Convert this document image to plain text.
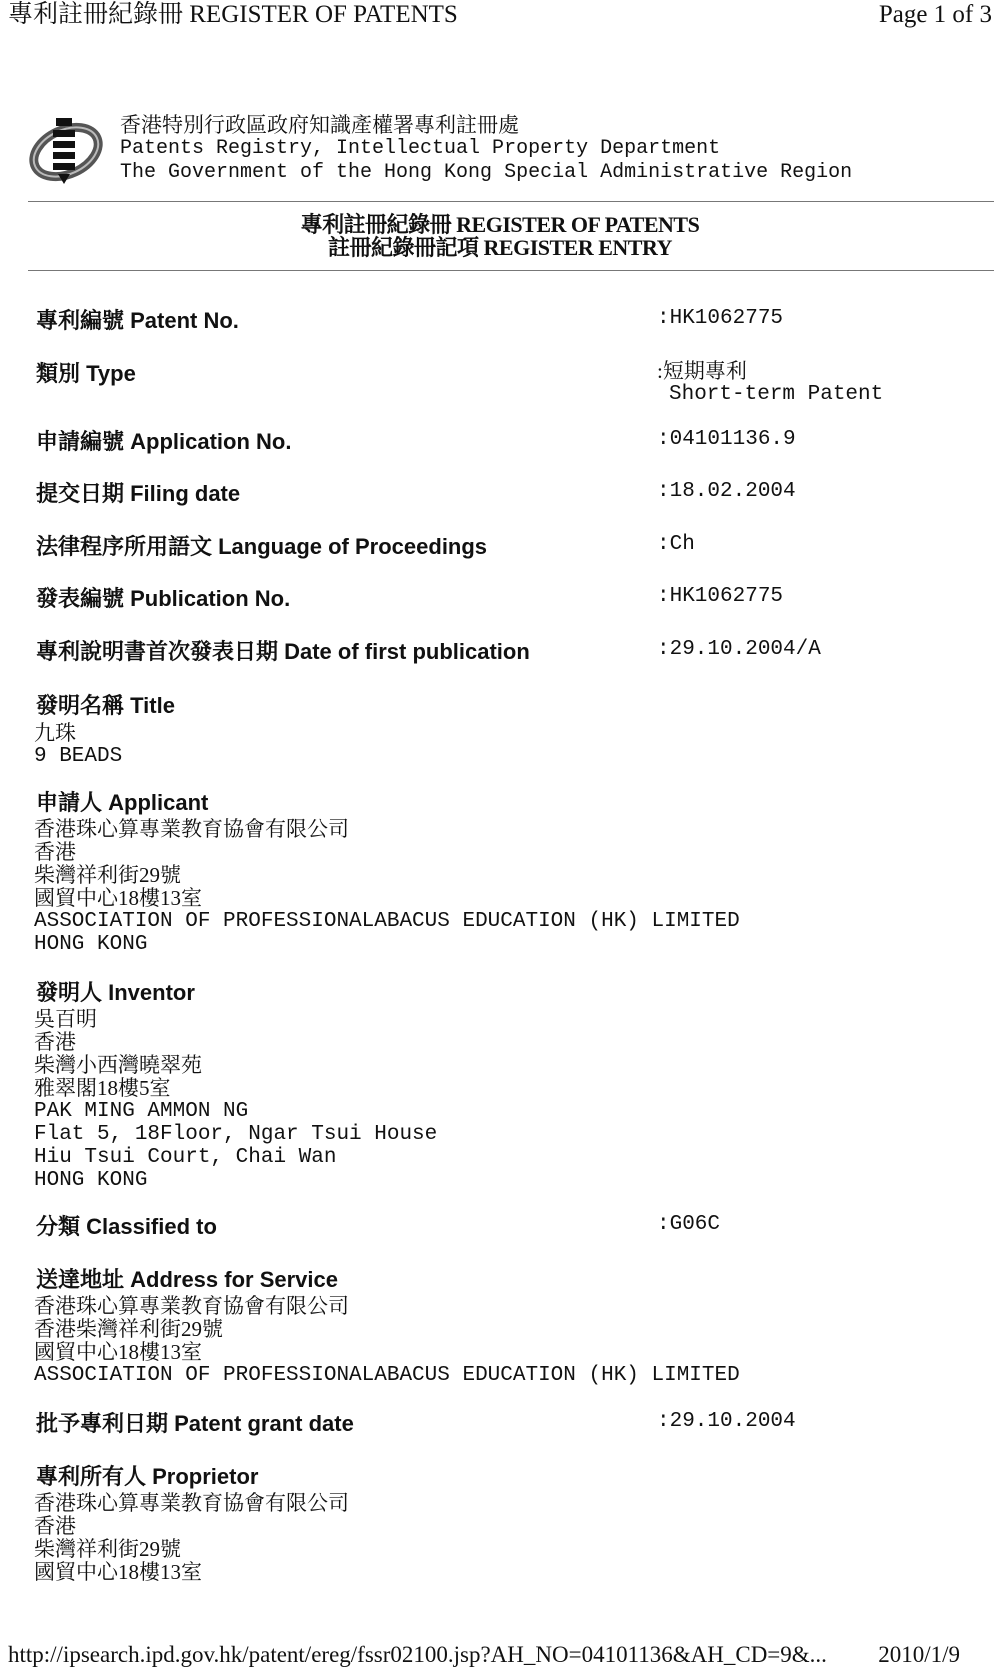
專利註冊紀錄冊 REGISTER OF PATENTS	Page 1 of 3
香港特別行政區政府知識產權署專利註冊處
Patents Registry, Intellectual Property Department
The Government of the Hong Kong Special Administrative Region
專利註冊紀錄冊 REGISTER OF PATENTS
註冊紀錄冊記項 REGISTER ENTRY
專利編號 Patent No.	:HK1062775
類別 Type	:短期專利
Short-term Patent
申請編號 Application No.	:04101136.9
提交日期 Filing date	:18.02.2004
法律程序所用語文 Language of Proceedings	:Ch
發表編號 Publication No.	:HK1062775
專利說明書首次發表日期 Date of first publication	:29.10.2004/A
發明名稱 Title
九珠
9 BEADS
申請人 Applicant
香港珠心算專業教育協會有限公司
香港
柴灣祥利街29號
國貿中心18樓13室
ASSOCIATION OF PROFESSIONALABACUS EDUCATION (HK) LIMITED
HONG KONG
發明人 Inventor
吳百明
香港
柴灣小西灣曉翠苑
雅翠閣18樓5室
PAK MING AMMON NG
Flat 5, 18Floor, Ngar Tsui House
Hiu Tsui Court, Chai Wan
HONG KONG
分類 Classified to	:G06C
送達地址 Address for Service
香港珠心算專業教育協會有限公司
香港柴灣祥利街29號
國貿中心18樓13室
ASSOCIATION OF PROFESSIONALABACUS EDUCATION (HK) LIMITED
批予專利日期 Patent grant date	:29.10.2004
專利所有人 Proprietor
香港珠心算專業教育協會有限公司
香港
柴灣祥利街29號
國貿中心18樓13室
http://ipsearch.ipd.gov.hk/patent/ereg/fssr02100.jsp?AH_NO=04101136&AH_CD=9&... 2010/1/9
